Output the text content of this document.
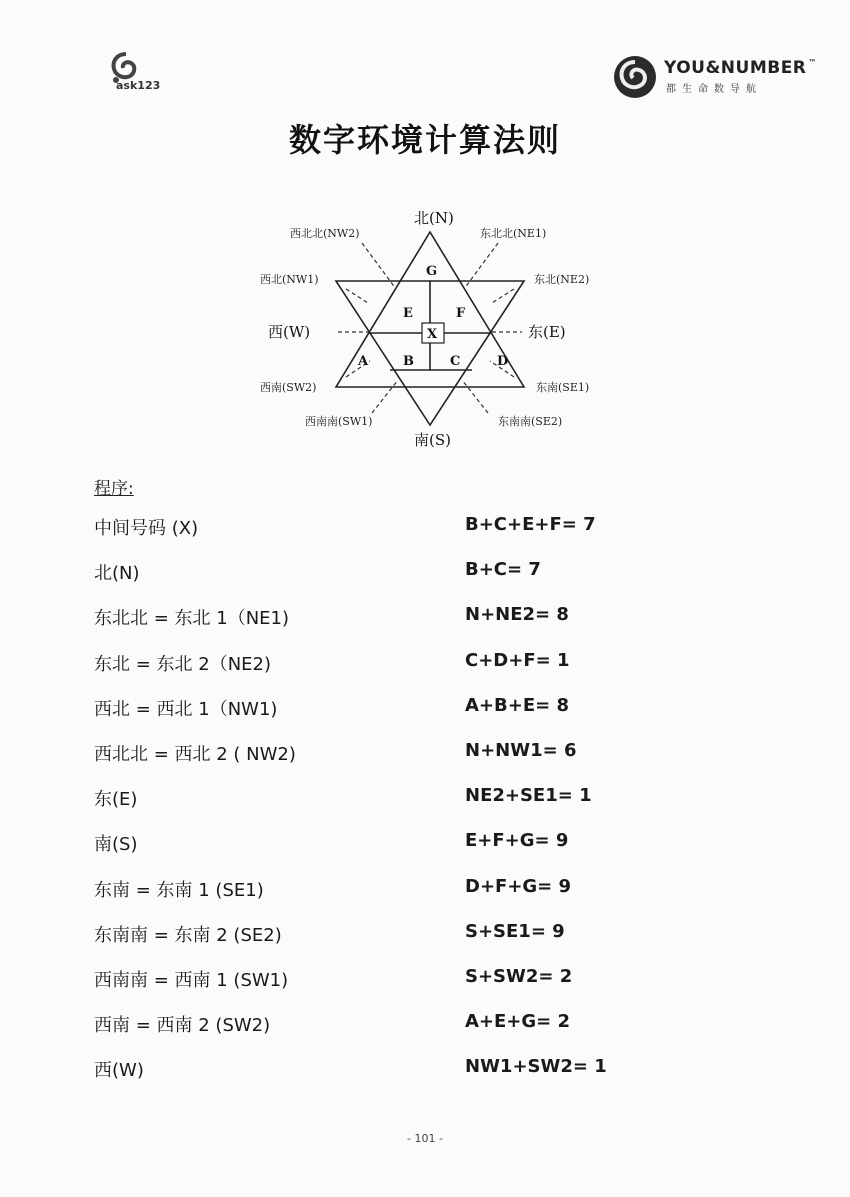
ask123
YOU&NUMBER ™
都生命数导航
数字环境计算法则
北(N)
南(S)
东(E)
西(W)
西北北(NW2)	东北北(NE1)
西北(NW1)	东北(NE2)
西南(SW2)	东南(SE1)
西南南(SW1)	东南南(SE2)
G
E	F
X
A	B	C	D
程序:
中间号码 (X)	B+C+E+F= 7
北(N)	B+C= 7
东北北 = 东北 1（NE1)	N+NE2= 8
东北 = 东北 2（NE2)	C+D+F= 1
西北 = 西北 1（NW1)	A+B+E= 8
西北北 = 西北 2 ( NW2)	N+NW1= 6
东(E)	NE2+SE1= 1
南(S)	E+F+G= 9
东南 = 东南 1 (SE1)	D+F+G= 9
东南南 = 东南 2 (SE2)	S+SE1= 9
西南南 = 西南 1 (SW1)	S+SW2= 2
西南 = 西南 2 (SW2)	A+E+G= 2
西(W)	NW1+SW2= 1
- 101 -
